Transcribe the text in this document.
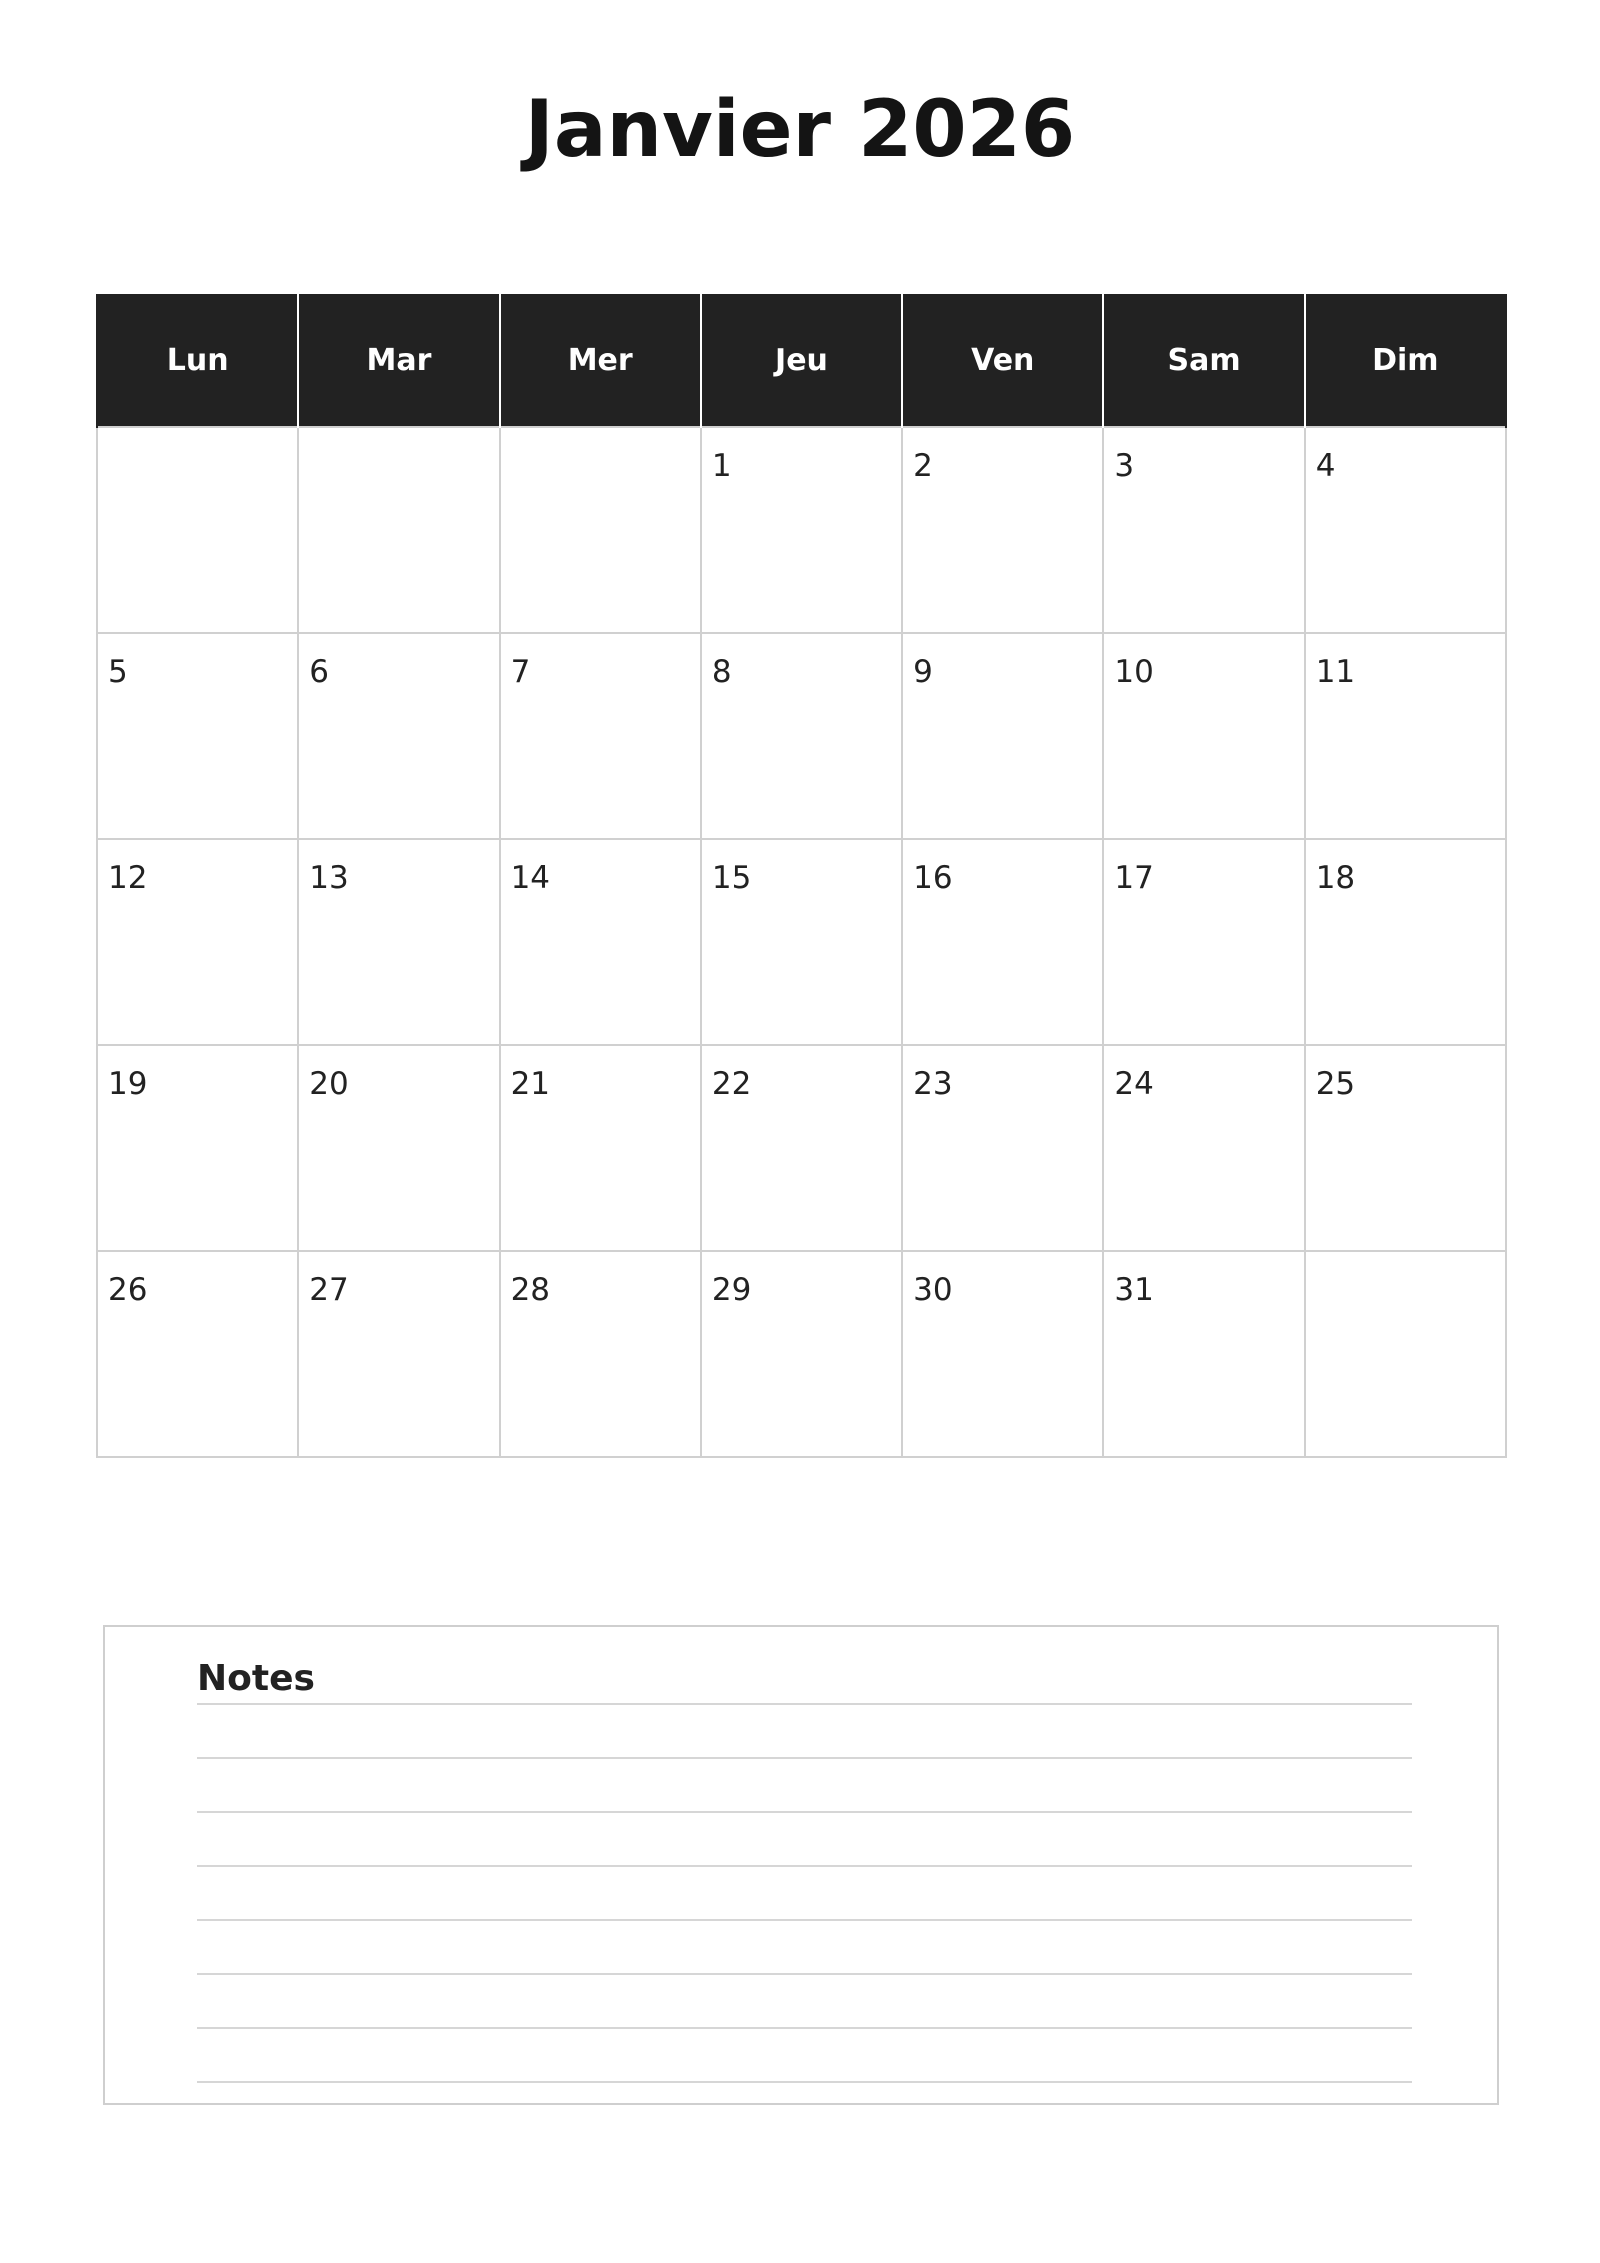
Janvier 2026
Lun	Mar	Mer	Jeu	Ven	Sam	Dim

			1	2	3	4

5	6	7	8	9	10	11

12	13	14	15	16	17	18

19	20	21	22	23	24	25

26	27	28	29	30	31	

Notes
